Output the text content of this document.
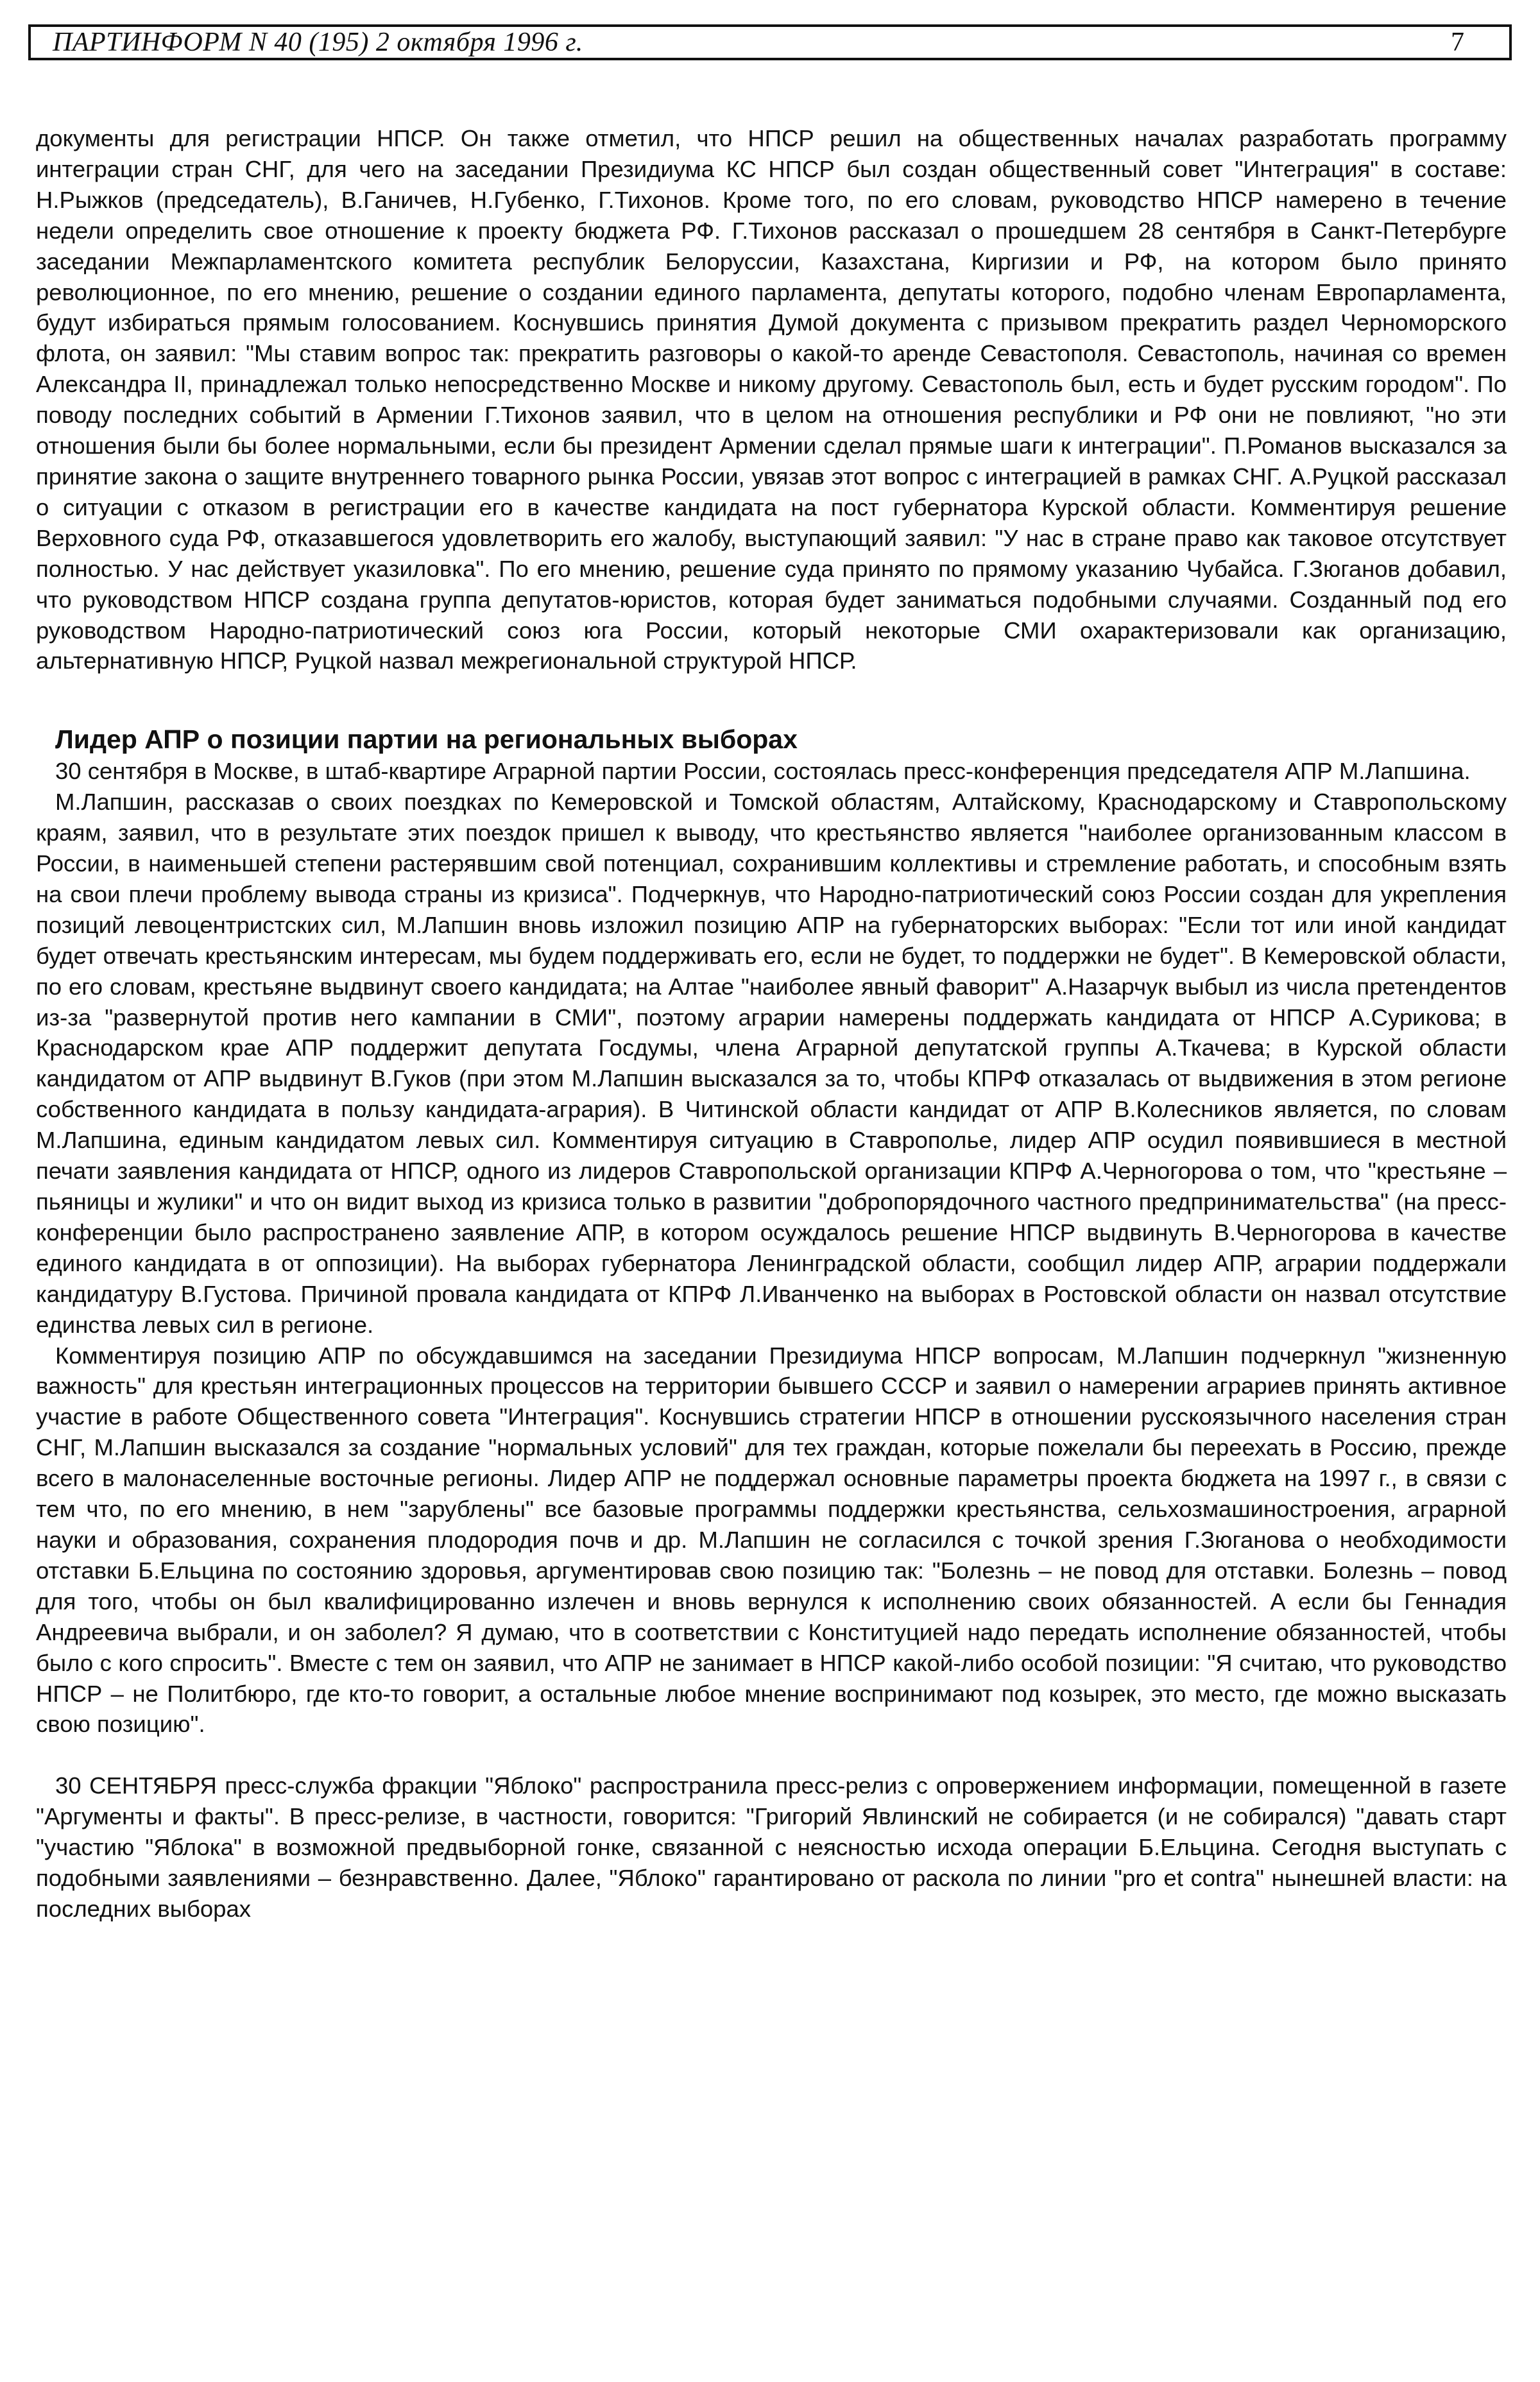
ПАРТИНФОРМ N 40 (195) 2 октября 1996 г.	7

документы для регистрации НПСР. Он также отметил, что НПСР решил на общественных началах разработать программу интеграции стран СНГ, для чего на заседании Президиума КС НПСР был создан общественный совет "Интеграция" в составе: Н.Рыжков (председатель), В.Ганичев, Н.Губенко, Г.Тихонов. Кроме того, по его словам, руководство НПСР намерено в течение недели определить свое отношение к проекту бюджета РФ. Г.Тихонов рассказал о прошедшем 28 сентября в Санкт-Петербурге заседании Межпарламентского комитета республик Белоруссии, Казахстана, Киргизии и РФ, на котором было принято революционное, по его мнению, решение о создании единого парламента, депутаты которого, подобно членам Европарламента, будут избираться прямым голосованием. Коснувшись принятия Думой документа с призывом прекратить раздел Черноморского флота, он заявил: "Мы ставим вопрос так: прекратить разговоры о какой-то аренде Севастополя. Севастополь, начиная со времен Александра II, принадлежал только непосредственно Москве и никому другому. Севастополь был, есть и будет русским городом". По поводу последних событий в Армении Г.Тихонов заявил, что в целом на отношения республики и РФ они не повлияют, "но эти отношения были бы более нормальными, если бы президент Армении сделал прямые шаги к интеграции". П.Романов высказался за принятие закона о защите внутреннего товарного рынка России, увязав этот вопрос с интеграцией в рамках СНГ. А.Руцкой рассказал о ситуации с отказом в регистрации его в качестве кандидата на пост губернатора Курской области. Комментируя решение Верховного суда РФ, отказавшегося удовлетворить его жалобу, выступающий заявил: "У нас в стране право как таковое отсутствует полностью. У нас действует указиловка". По его мнению, решение суда принято по прямому указанию Чубайса. Г.Зюганов добавил, что руководством НПСР создана группа депутатов-юристов, которая будет заниматься подобными случаями. Созданный под его руководством Народно-патриотический союз юга России, который некоторые СМИ охарактеризовали как организацию, альтернативную НПСР, Руцкой назвал межрегиональной структурой НПСР.

Лидер АПР о позиции партии на региональных выборах

30 сентября в Москве, в штаб-квартире Аграрной партии России, состоялась пресс-конференция председателя АПР М.Лапшина.

М.Лапшин, рассказав о своих поездках по Кемеровской и Томской областям, Алтайскому, Краснодарскому и Ставропольскому краям, заявил, что в результате этих поездок пришел к выводу, что крестьянство является "наиболее организованным классом в России, в наименьшей степени растерявшим свой потенциал, сохранившим коллективы и стремление работать, и способным взять на свои плечи проблему вывода страны из кризиса". Подчеркнув, что Народно-патриотический союз России создан для укрепления позиций левоцентристских сил, М.Лапшин вновь изложил позицию АПР на губернаторских выборах: "Если тот или иной кандидат будет отвечать крестьянским интересам, мы будем поддерживать его, если не будет, то поддержки не будет". В Кемеровской области, по его словам, крестьяне выдвинут своего кандидата; на Алтае "наиболее явный фаворит" А.Назарчук выбыл из числа претендентов из-за "развернутой против него кампании в СМИ", поэтому аграрии намерены поддержать кандидата от НПСР А.Сурикова; в Краснодарском крае АПР поддержит депутата Госдумы, члена Аграрной депутатской группы А.Ткачева; в Курской области кандидатом от АПР выдвинут В.Гуков (при этом М.Лапшин высказался за то, чтобы КПРФ отказалась от выдвижения в этом регионе собственного кандидата в пользу кандидата-агрария). В Читинской области кандидат от АПР В.Колесников является, по словам М.Лапшина, единым кандидатом левых сил. Комментируя ситуацию в Ставрополье, лидер АПР осудил появившиеся в местной печати заявления кандидата от НПСР, одного из лидеров Ставропольской организации КПРФ А.Черногорова о том, что "крестьяне – пьяницы и жулики" и что он видит выход из кризиса только в развитии "добропорядочного частного предпринимательства" (на пресс-конференции было распространено заявление АПР, в котором осуждалось решение НПСР выдвинуть В.Черногорова в качестве единого кандидата в от оппозиции). На выборах губернатора Ленинградской области, сообщил лидер АПР, аграрии поддержали кандидатуру В.Густова. Причиной провала кандидата от КПРФ Л.Иванченко на выборах в Ростовской области он назвал отсутствие единства левых сил в регионе.

Комментируя позицию АПР по обсуждавшимся на заседании Президиума НПСР вопросам, М.Лапшин подчеркнул "жизненную важность" для крестьян интеграционных процессов на территории бывшего СССР и заявил о намерении аграриев принять активное участие в работе Общественного совета "Интеграция". Коснувшись стратегии НПСР в отношении русскоязычного населения стран СНГ, М.Лапшин высказался за создание "нормальных условий" для тех граждан, которые пожелали бы переехать в Россию, прежде всего в малонаселенные восточные регионы. Лидер АПР не поддержал основные параметры проекта бюджета на 1997 г., в связи с тем что, по его мнению, в нем "зарублены" все базовые программы поддержки крестьянства, сельхозмашиностроения, аграрной науки и образования, сохранения плодородия почв и др. М.Лапшин не согласился с точкой зрения Г.Зюганова о необходимости отставки Б.Ельцина по состоянию здоровья, аргументировав свою позицию так: "Болезнь – не повод для отставки. Болезнь – повод для того, чтобы он был квалифицированно излечен и вновь вернулся к исполнению своих обязанностей. А если бы Геннадия Андреевича выбрали, и он заболел? Я думаю, что в соответствии с Конституцией надо передать исполнение обязанностей, чтобы было с кого спросить". Вместе с тем он заявил, что АПР не занимает в НПСР какой-либо особой позиции: "Я считаю, что руководство НПСР – не Политбюро, где кто-то говорит, а остальные любое мнение воспринимают под козырек, это место, где можно высказать свою позицию".

30 СЕНТЯБРЯ пресс-служба фракции "Яблоко" распространила пресс-релиз с опровержением информации, помещенной в газете "Аргументы и факты". В пресс-релизе, в частности, говорится: "Григорий Явлинский не собирается (и не собирался) "давать старт "участию "Яблока" в возможной предвыборной гонке, связанной с неясностью исхода операции Б.Ельцина. Сегодня выступать с подобными заявлениями – безнравственно. Далее, "Яблоко" гарантировано от раскола по линии "pro et contra" нынешней власти: на последних выборах
